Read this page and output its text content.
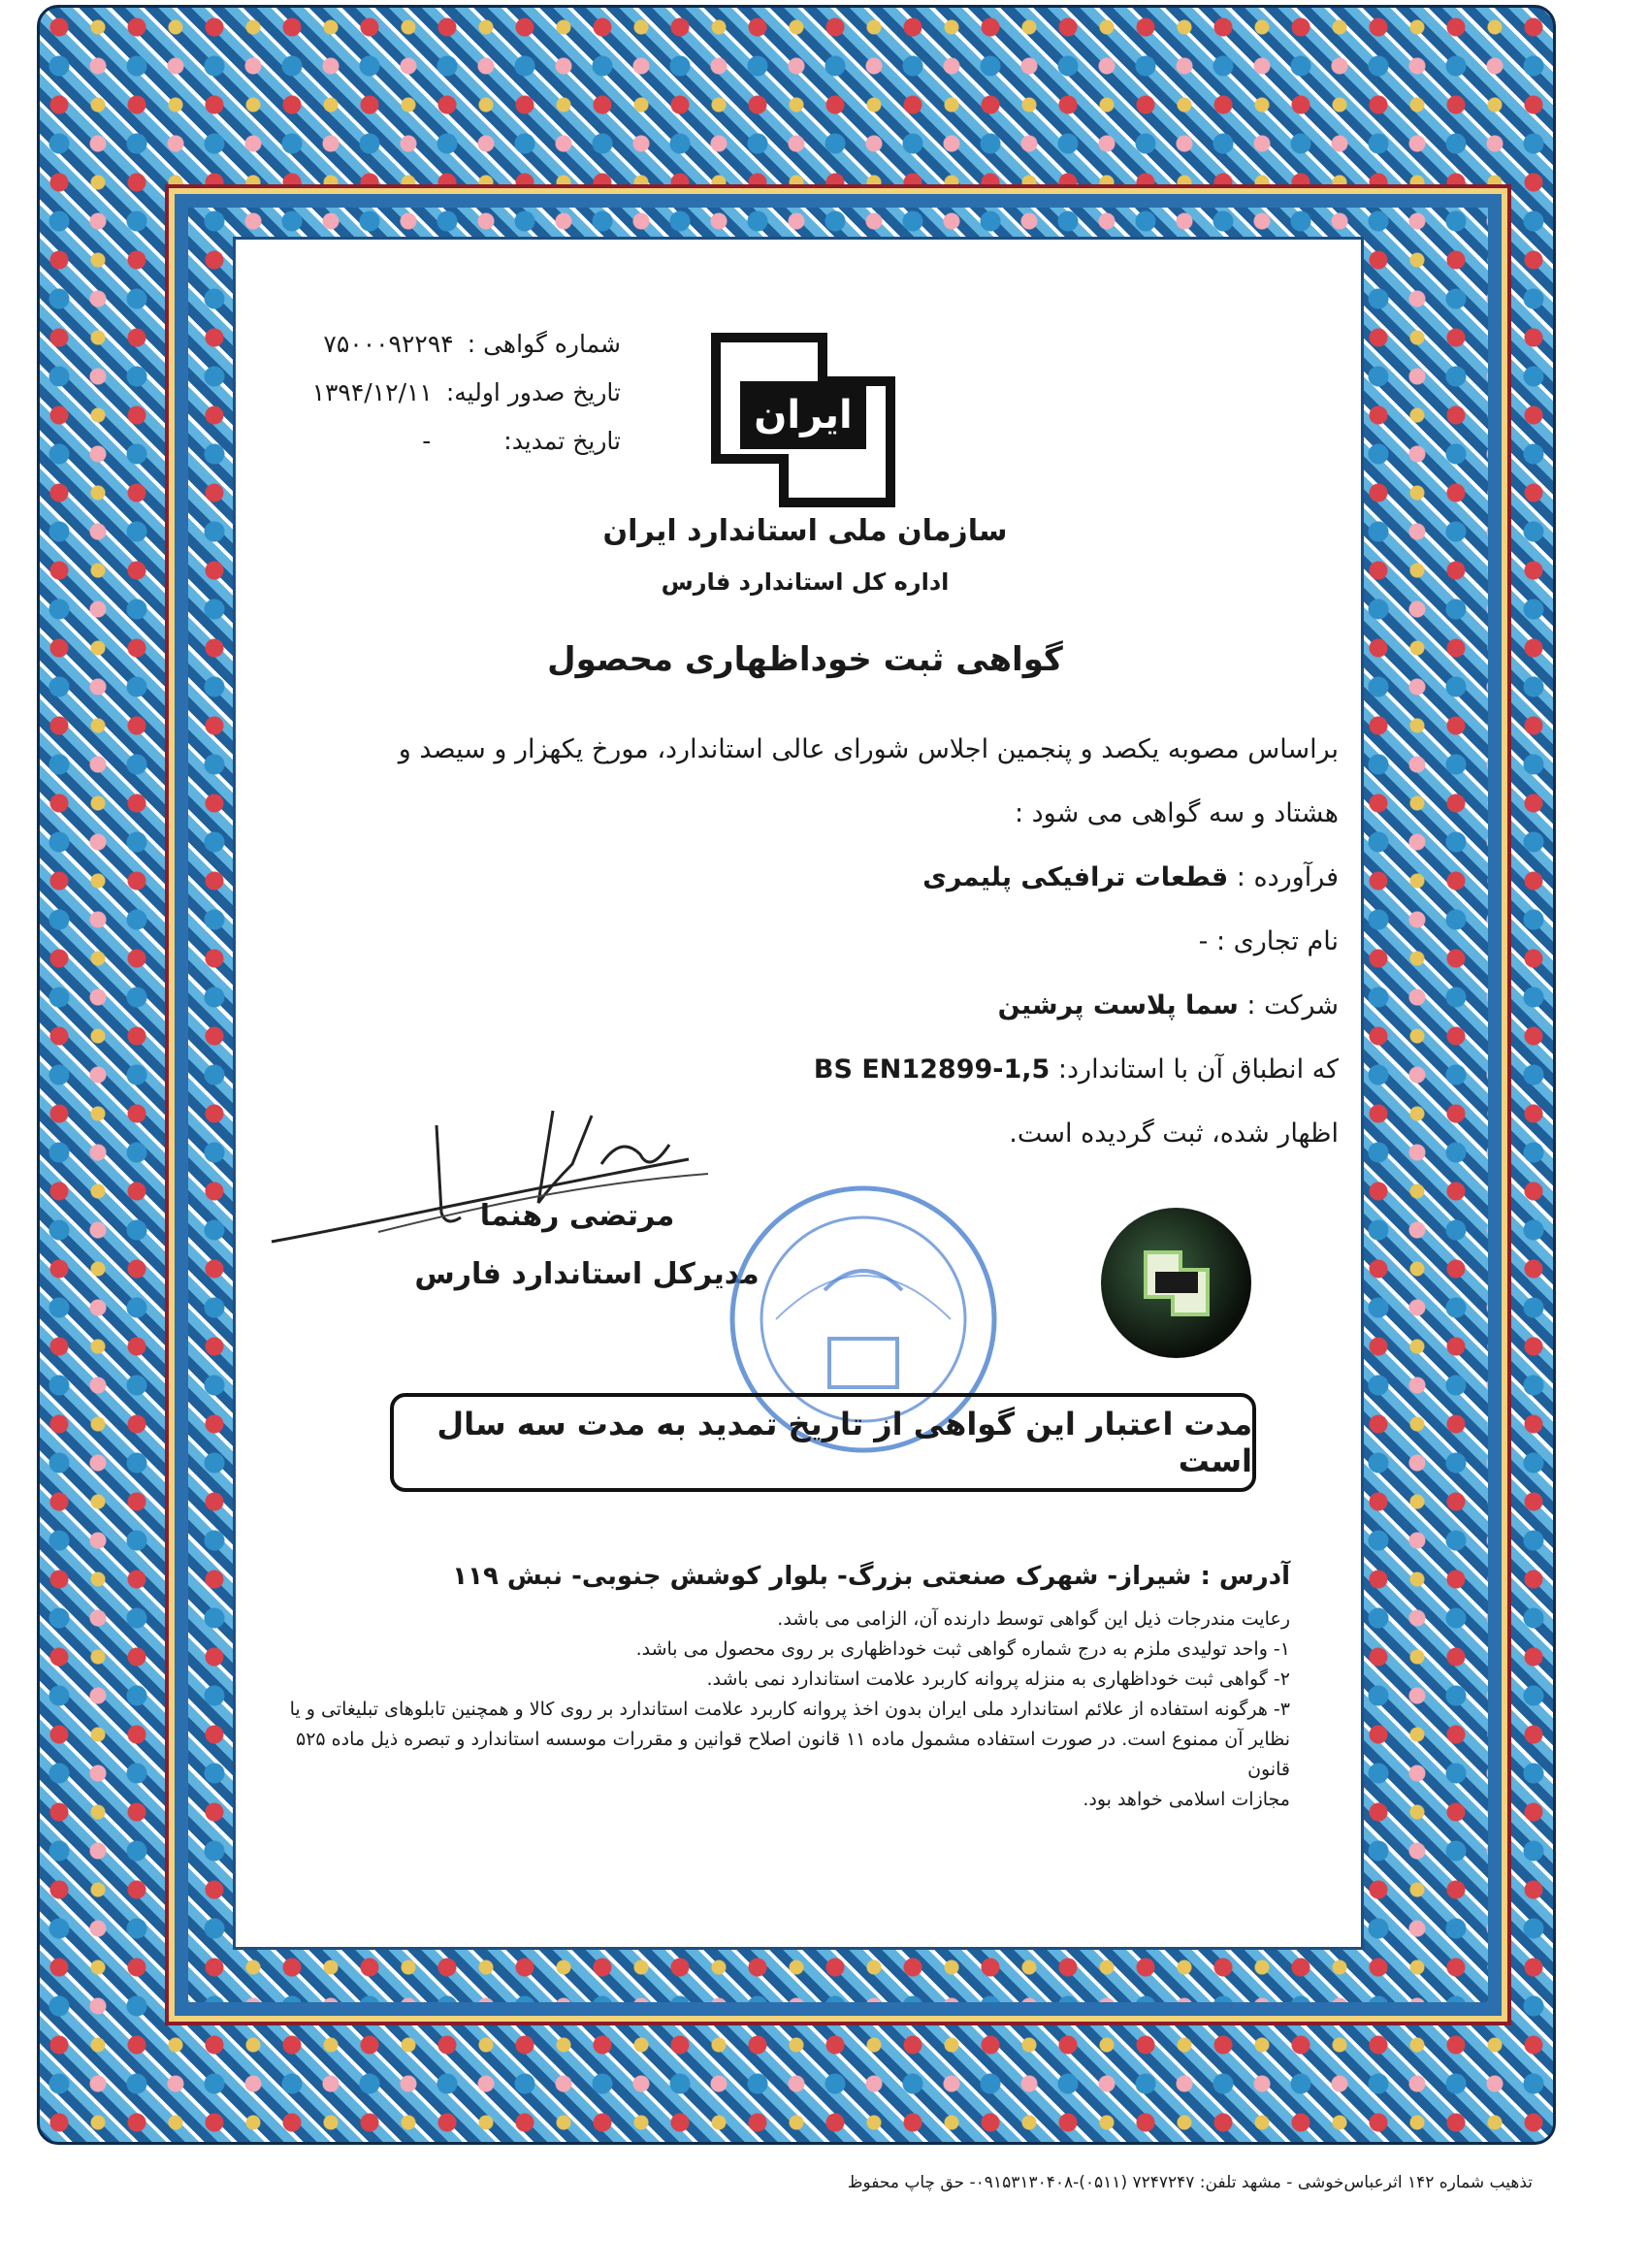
شماره گواهی :
۷۵۰۰۰۹۲۲۹۴
تاریخ صدور اولیه:
۱۳۹۴/۱۲/۱۱
تاریخ تمدید:
-
ایران
سازمان ملی استاندارد ایران
اداره کل استاندارد فارس
گواهی ثبت خوداظهاری محصول

براساس مصوبه یکصد و پنجمین اجلاس شورای عالی استاندارد، مورخ یکهزار و سیصد و

هشتاد و سه گواهی می شود :

فرآورده : قطعات ترافیکی پلیمری
نام تجاری : -
شرکت : سما پلاست پرشین
که انطباق آن با استاندارد: BS EN12899-1,5

اظهار شده، ثبت گردیده است.

مرتضی رهنما
مدیرکل استاندارد فارس
مدت اعتبار این گواهی از تاریخ تمدید به مدت سه سال است
آدرس : شیراز- شهرک صنعتی بزرگ- بلوار کوشش جنوبی- نبش ۱۱۹

رعایت مندرجات ذیل این گواهی توسط دارنده آن، الزامی می باشد.

۱- واحد تولیدی ملزم به درج شماره گواهی ثبت خوداظهاری بر روی محصول می باشد.

۲- گواهی ثبت خوداظهاری به منزله پروانه کاربرد علامت استاندارد نمی باشد.

۳- هرگونه استفاده از علائم استاندارد ملی ایران بدون اخذ پروانه کاربرد علامت استاندارد بر روی کالا و همچنین تابلوهای تبلیغاتی و یا

نظایر آن ممنوع است. در صورت استفاده مشمول ماده ۱۱ قانون اصلاح قوانین و مقررات موسسه استاندارد و تبصره ذیل ماده ۵۲۵ قانون

مجازات اسلامی خواهد بود.

تذهیب شماره ۱۴۲ اثرعباس‌خوشی - مشهد تلفن: ۷۲۴۷۲۴۷ (۰۵۱۱)-۰۹۱۵۳۱۳۰۴۰۸- حق چاپ محفوظ
